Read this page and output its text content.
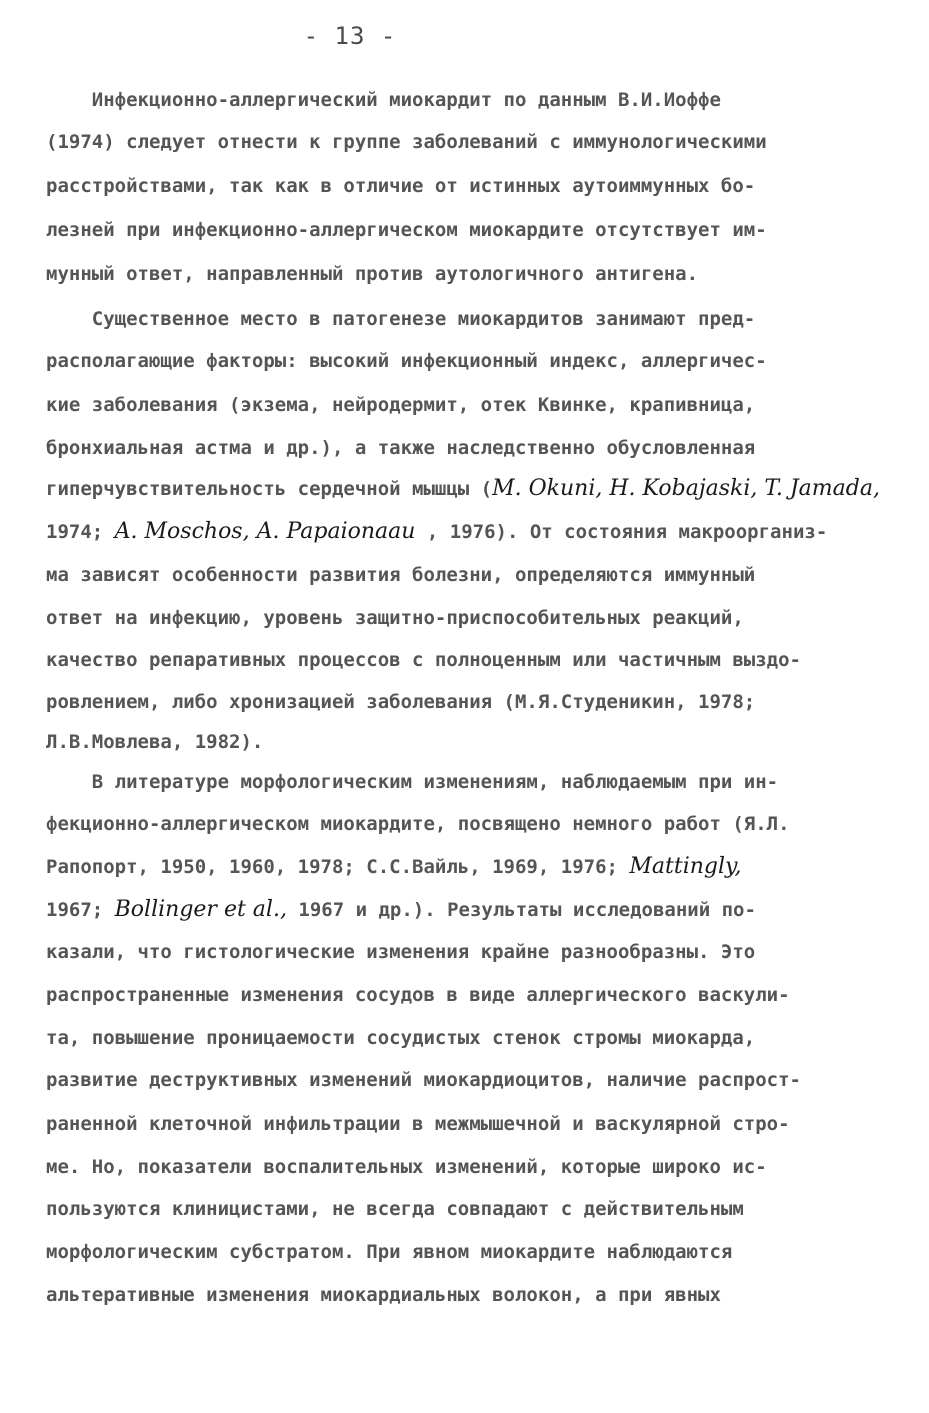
- 13 -
Инфекционно-аллергический миокардит по данным В.И.Иоффе
(1974) следует отнести к группе заболеваний с иммунологическими
расстройствами, так как в отличие от истинных аутоиммунных бо-
лезней при инфекционно-аллергическом миокардите отсутствует им-
мунный ответ, направленный против аутологичного антигена.
Существенное место в патогенезе миокардитов занимают пред-
располагающие факторы: высокий инфекционный индекс, аллергичес-
кие заболевания (экзема, нейродермит, отек Квинке, крапивница,
бронхиальная астма и др.), а также наследственно обусловленная
гиперчувствительность сердечной мышцы (M. Okuni, H. Kobajaski, T. Jamada,
1974; A. Moschos, A. Papaionaau , 1976). От состояния макроорганиз-
ма зависят особенности развития болезни, определяются иммунный
ответ на инфекцию, уровень защитно-приспособительных реакций,
качество репаративных процессов с полноценным или частичным выздо-
ровлением, либо хронизацией заболевания (М.Я.Студеникин, 1978;
Л.В.Мовлева, 1982).
В литературе морфологическим изменениям, наблюдаемым при ин-
фекционно-аллергическом миокардите, посвящено немного работ (Я.Л.
Рапопорт, 1950, 1960, 1978; С.С.Вайль, 1969, 1976; Mattingly,
1967; Bollinger et al., 1967 и др.). Результаты исследований по-
казали, что гистологические изменения крайне разнообразны. Это
распространенные изменения сосудов в виде аллергического васкули-
та, повышение проницаемости сосудистых стенок стромы миокарда,
развитие деструктивных изменений миокардиоцитов, наличие распрост-
раненной клеточной инфильтрации в межмышечной и васкулярной стро-
ме. Но, показатели воспалительных изменений, которые широко ис-
пользуются клиницистами, не всегда совпадают с действительным
морфологическим субстратом. При явном миокардите наблюдаются
альтеративные изменения миокардиальных волокон, а при явных
